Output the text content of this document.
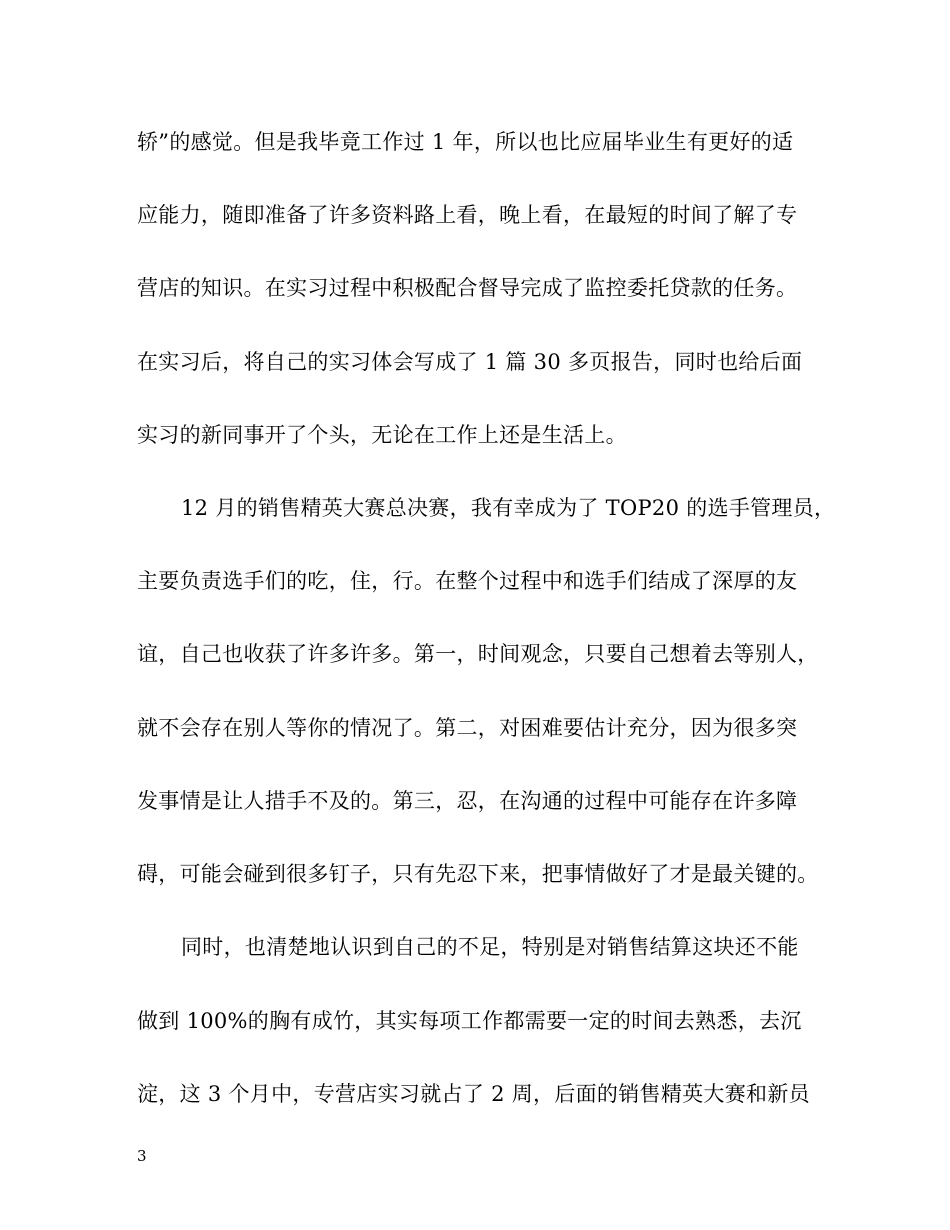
轿”的感觉。但是我毕竟工作过 1 年，所以也比应届毕业生有更好的适
应能力，随即准备了许多资料路上看，晚上看，在最短的时间了解了专
营店的知识。在实习过程中积极配合督导完成了监控委托贷款的任务。
在实习后，将自己的实习体会写成了 1 篇 30 多页报告，同时也给后面
实习的新同事开了个头，无论在工作上还是生活上。
12 月的销售精英大赛总决赛，我有幸成为了 TOP20 的选手管理员，
主要负责选手们的吃，住，行。在整个过程中和选手们结成了深厚的友
谊，自己也收获了许多许多。第一，时间观念，只要自己想着去等别人，
就不会存在别人等你的情况了。第二，对困难要估计充分，因为很多突
发事情是让人措手不及的。第三，忍，在沟通的过程中可能存在许多障
碍，可能会碰到很多钉子，只有先忍下来，把事情做好了才是最关键的。
同时，也清楚地认识到自己的不足，特别是对销售结算这块还不能
做到 100%的胸有成竹，其实每项工作都需要一定的时间去熟悉，去沉
淀，这 3 个月中，专营店实习就占了 2 周，后面的销售精英大赛和新员
3
